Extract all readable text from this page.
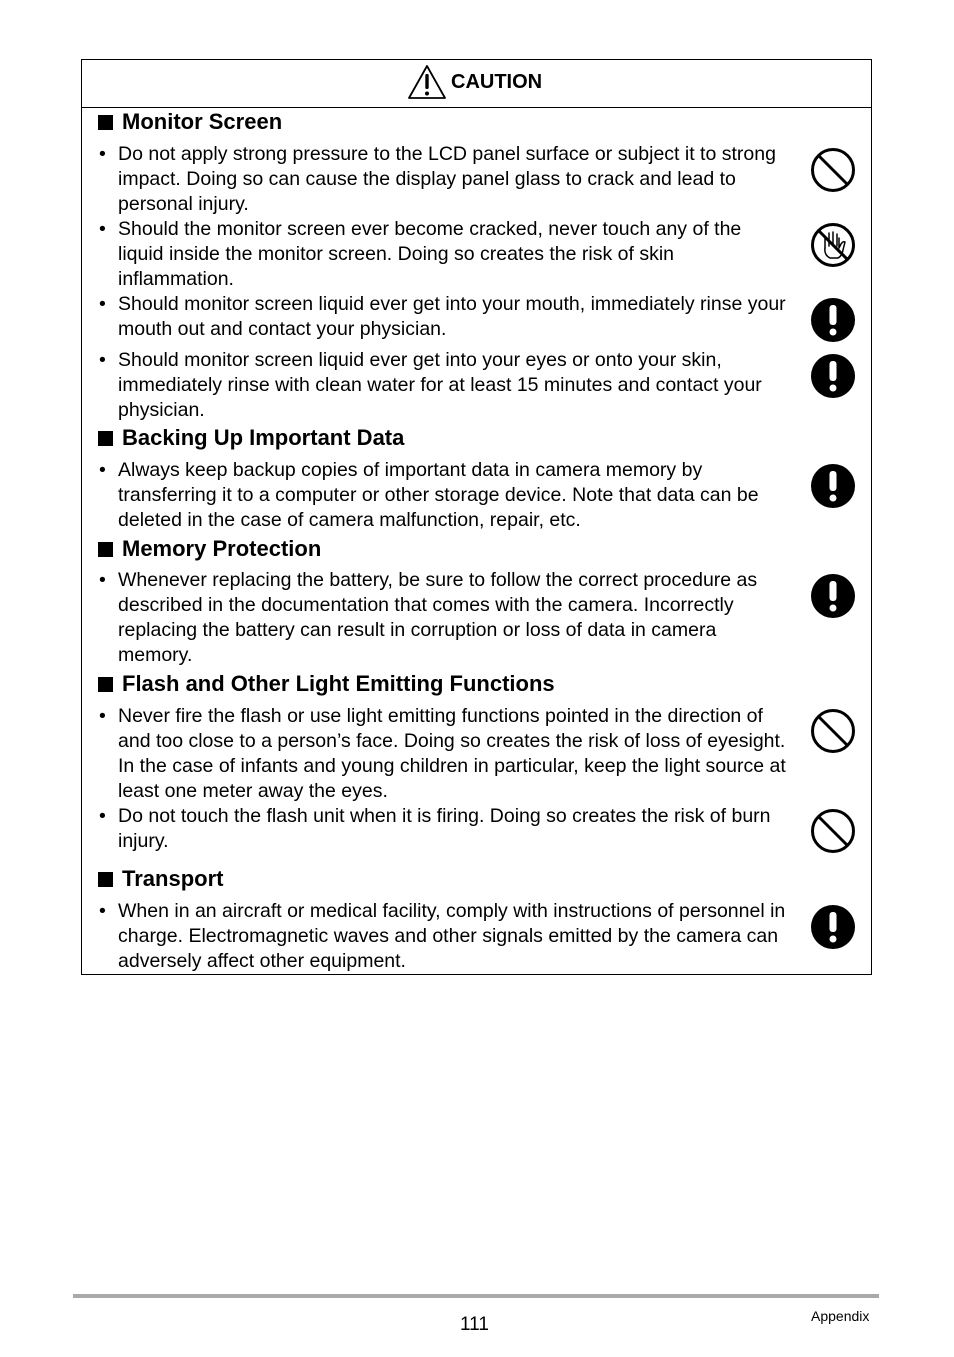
CAUTION
Monitor Screen
• Do not apply strong pressure to the LCD panel surface or subject it to strong impact. Doing so can cause the display panel glass to crack and lead to personal injury.
• Should the monitor screen ever become cracked, never touch any of the liquid inside the monitor screen. Doing so creates the risk of skin inflammation.
• Should monitor screen liquid ever get into your mouth, immediately rinse your mouth out and contact your physician.
• Should monitor screen liquid ever get into your eyes or onto your skin, immediately rinse with clean water for at least 15 minutes and contact your physician.
Backing Up Important Data
• Always keep backup copies of important data in camera memory by transferring it to a computer or other storage device. Note that data can be deleted in the case of camera malfunction, repair, etc.
Memory Protection
• Whenever replacing the battery, be sure to follow the correct procedure as described in the documentation that comes with the camera. Incorrectly replacing the battery can result in corruption or loss of data in camera memory.
Flash and Other Light Emitting Functions
• Never fire the flash or use light emitting functions pointed in the direction of and too close to a person’s face. Doing so creates the risk of loss of eyesight. In the case of infants and young children in particular, keep the light source at least one meter away the eyes.
• Do not touch the flash unit when it is firing. Doing so creates the risk of burn injury.
Transport
• When in an aircraft or medical facility, comply with instructions of personnel in charge. Electromagnetic waves and other signals emitted by the camera can adversely affect other equipment.
111	Appendix
